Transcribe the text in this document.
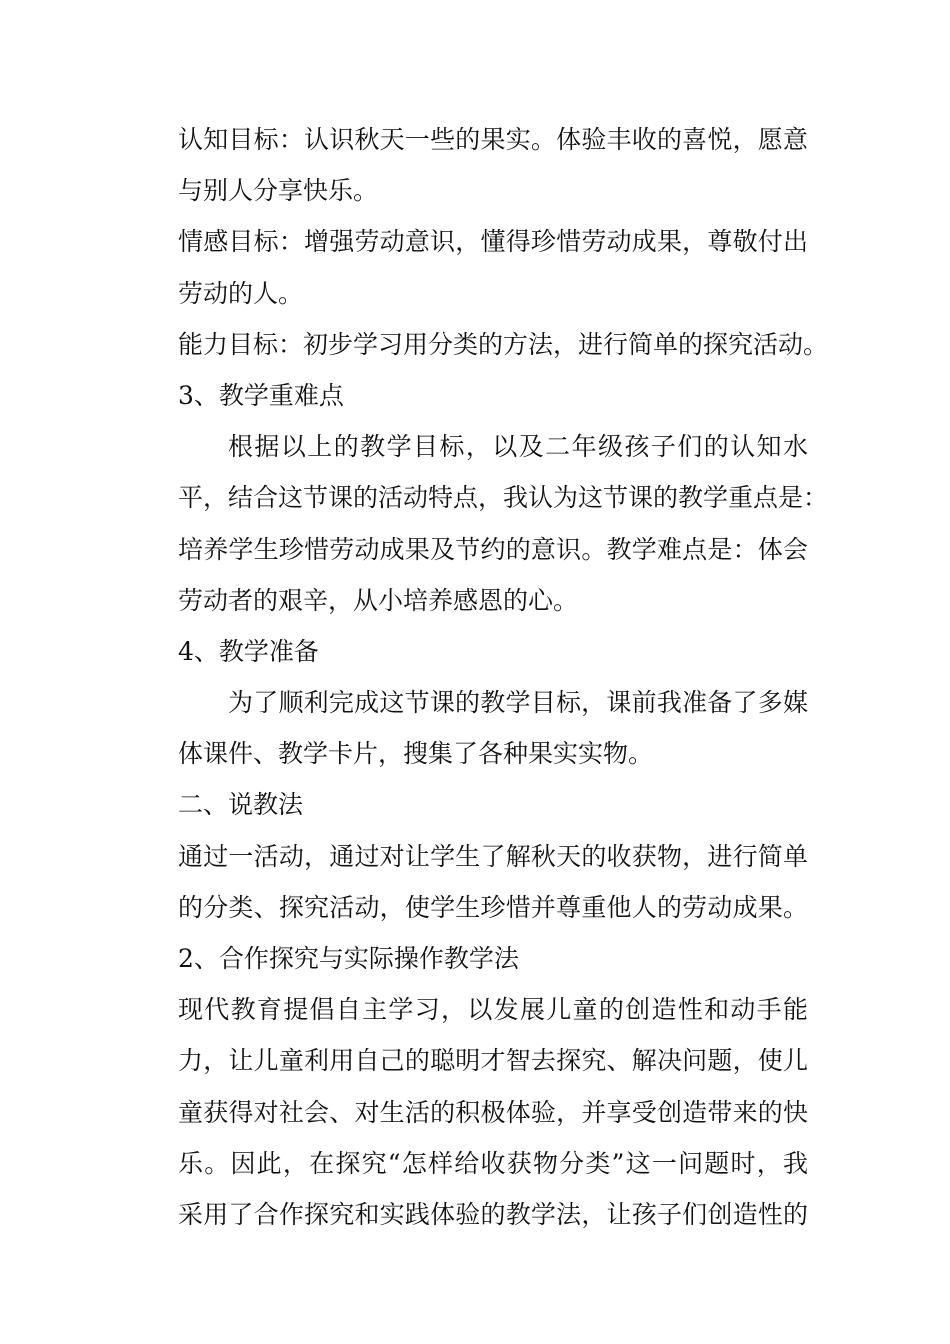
认知目标：认识秋天一些的果实。体验丰收的喜悦，愿意
与别人分享快乐。
情感目标：增强劳动意识，懂得珍惜劳动成果，尊敬付出
劳动的人。
能力目标：初步学习用分类的方法，进行简单的探究活动。
3、教学重难点
根据以上的教学目标，以及二年级孩子们的认知水
平，结合这节课的活动特点，我认为这节课的教学重点是：
培养学生珍惜劳动成果及节约的意识。教学难点是：体会
劳动者的艰辛，从小培养感恩的心。
4、教学准备
为了顺利完成这节课的教学目标，课前我准备了多媒
体课件、教学卡片，搜集了各种果实实物。
二、说教法
通过一活动，通过对让学生了解秋天的收获物，进行简单
的分类、探究活动，使学生珍惜并尊重他人的劳动成果。
2、合作探究与实际操作教学法
现代教育提倡自主学习，以发展儿童的创造性和动手能
力，让儿童利用自己的聪明才智去探究、解决问题，使儿
童获得对社会、对生活的积极体验，并享受创造带来的快
乐。因此，在探究“怎样给收获物分类”这一问题时，我
采用了合作探究和实践体验的教学法，让孩子们创造性的
